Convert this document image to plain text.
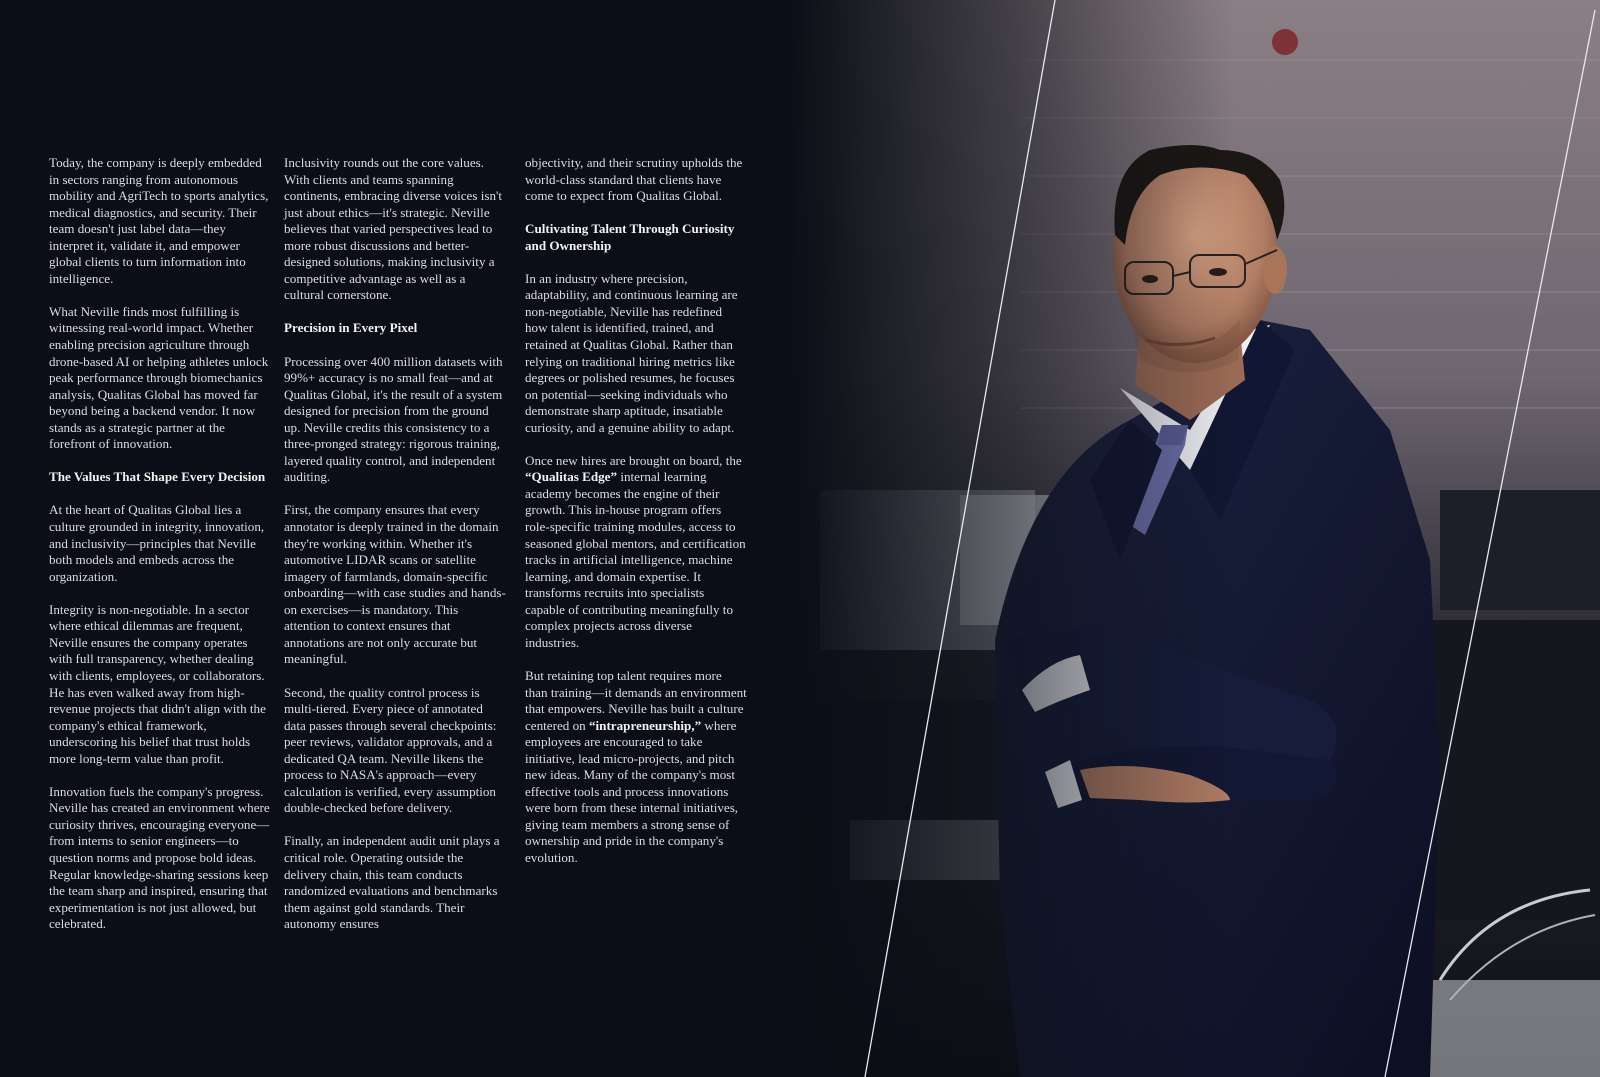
Today, the company is deeply embedded in sectors ranging from autonomous mobility and AgriTech to sports analytics, medical diagnostics, and security. Their team doesn't just label data—they interpret it, validate it, and empower global clients to turn information into intelligence.

What Neville finds most fulfilling is witnessing real-world impact. Whether enabling precision agriculture through drone-based AI or helping athletes unlock peak performance through biomechanics analysis, Qualitas Global has moved far beyond being a backend vendor. It now stands as a strategic partner at the forefront of innovation.

The Values That Shape Every Decision

At the heart of Qualitas Global lies a culture grounded in integrity, innovation, and inclusivity—principles that Neville both models and embeds across the organization.

Integrity is non-negotiable. In a sector where ethical dilemmas are frequent, Neville ensures the company operates with full transparency, whether dealing with clients, employees, or collaborators. He has even walked away from high-revenue projects that didn't align with the company's ethical framework, underscoring his belief that trust holds more long-term value than profit.

Innovation fuels the company's progress. Neville has created an environment where curiosity thrives, encouraging everyone—from interns to senior engineers—to question norms and propose bold ideas. Regular knowledge-sharing sessions keep the team sharp and inspired, ensuring that experimentation is not just allowed, but celebrated.

Inclusivity rounds out the core values. With clients and teams spanning continents, embracing diverse voices isn't just about ethics—it's strategic. Neville believes that varied perspectives lead to more robust discussions and better-designed solutions, making inclusivity a competitive advantage as well as a cultural cornerstone.

Precision in Every Pixel

Processing over 400 million datasets with 99%+ accuracy is no small feat—and at Qualitas Global, it's the result of a system designed for precision from the ground up. Neville credits this consistency to a three-pronged strategy: rigorous training, layered quality control, and independent auditing.

First, the company ensures that every annotator is deeply trained in the domain they're working within. Whether it's automotive LIDAR scans or satellite imagery of farmlands, domain-specific onboarding—with case studies and hands-on exercises—is mandatory. This attention to context ensures that annotations are not only accurate but meaningful.

Second, the quality control process is multi-tiered. Every piece of annotated data passes through several checkpoints: peer reviews, validator approvals, and a dedicated QA team. Neville likens the process to NASA's approach—every calculation is verified, every assumption double-checked before delivery.

Finally, an independent audit unit plays a critical role. Operating outside the delivery chain, this team conducts randomized evaluations and benchmarks them against gold standards. Their autonomy ensures

objectivity, and their scrutiny upholds the world-class standard that clients have come to expect from Qualitas Global.

Cultivating Talent Through Curiosity and Ownership

In an industry where precision, adaptability, and continuous learning are non-negotiable, Neville has redefined how talent is identified, trained, and retained at Qualitas Global. Rather than relying on traditional hiring metrics like degrees or polished resumes, he focuses on potential—seeking individuals who demonstrate sharp aptitude, insatiable curiosity, and a genuine ability to adapt.

Once new hires are brought on board, the “Qualitas Edge” internal learning academy becomes the engine of their growth. This in-house program offers role-specific training modules, access to seasoned global mentors, and certification tracks in artificial intelligence, machine learning, and domain expertise. It transforms recruits into specialists capable of contributing meaningfully to complex projects across diverse industries.

But retaining top talent requires more than training—it demands an environment that empowers. Neville has built a culture centered on “intrapreneurship,” where employees are encouraged to take initiative, lead micro-projects, and pitch new ideas. Many of the company's most effective tools and process innovations were born from these internal initiatives, giving team members a strong sense of ownership and pride in the company's evolution.
